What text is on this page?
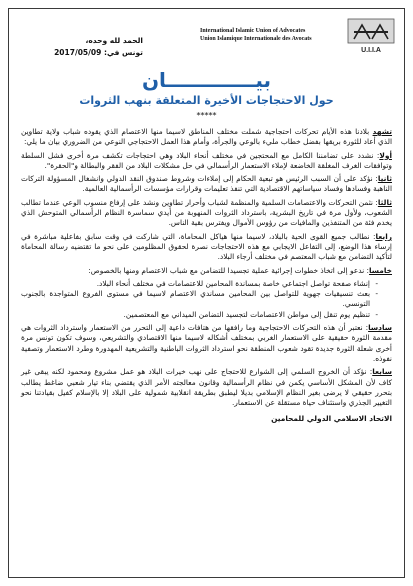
U.I.I.A
International Islamic Union of Advocates
Union Islamique Internationale des Avocats
الحمد لله وحده،
تونس في: 2017/05/09
بيـــــــــــــان
حول الاحتجاجات الأخيرة المتعلقة بنهب الثروات
*****

تشهد بلادنا هذه الأيام تحركات احتجاجية شملت مختلف المناطق لاسيما منها الاعتصام الذي يقوده شباب ولاية تطاوين الذي أعاد للثورة بريقها بفضل خطاب مليء بالوعي والجرأة، وأمام هذا العمل الاحتجاجي النوعي من الضروري بيان ما يلي:

أولا: نشدد على تضامننا الكامل مع المحتجين في مختلف أنحاء البلاد وهي احتجاجات تكشف مرة أخرى فشل السلطة وتوافقات الغرف المغلقة الخاضعة لإملاء الاستعمار الرأسمالي في حل مشكلات البلاد من الفقر والبطالة و"الحقرة".

ثانيا: نؤكد على أن السبب الرئيس هو تبعية الحكام إلى إملاءات وشروط صندوق النقد الدولي وانشغال المسؤولة التركات الناهبة وفسادها وفساد سياساتهم الاقتصادية التي تنفذ تعليمات وقرارات مؤسسات الرأسمالية العالمية.

ثالثا: نثمن التحركات والاعتصامات السلمية والمنظمة لشباب وأحرار تطاوين ونشد على إرفاع منسوب الوعي عندما تطالب الشعوب، ولأول مرة في تاريخ البشرية، باسترداد الثروات المنهوبة من أيدي سماسرة النظام الرأسمالي المتوحش الذي يخدم فئة من المتنفذين والمافيات من رؤوس الأموال ويفترس بقية الناس.

رابعا: نطالب جميع القوى الحية بالبلاد، لاسيما منها هياكل المحاماة، التي شاركت في وقت سابق بفاعلية مباشرة في إرساء هذا الوضع، إلى التفاعل الايجابي مع هذه الاحتجاجات نصرة لحقوق المظلومين على نحو ما تقتضيه رسالة المحاماة لتأكيد التضامن مع شباب المعتصم في مختلف أرجاء البلاد.

خامسا: ندعو إلى اتخاذ خطوات إجرائية عملية تجسيدا للتضامن مع شباب الاعتصام ومنها بالخصوص:

- إنشاء صفحة تواصل اجتماعي خاصة بمساندة المحامين للاعتصامات في مختلف أنحاء البلاد.
- بعث تنسيقيات جهوية للتواصل بين المحامين مساندي الاعتصام لاسيما في مستوى الفروع المتواجدة بالجنوب التونسي.
- تنظيم يوم تنقل إلى مواطن الاعتصامات لتجسيد التضامن الميداني مع المعتصمين.

سادسا: نعتبر أن هذه التحركات الاحتجاجية وما رافقها من هتافات داعية إلى التحرر من الاستعمار واسترداد الثروات هي مقدمة الثورة حقيقية على الاستعمار الغربي بمختلف أشكاله لاسيما منها الاقتصادي والتشريعي، وسوف تكون تونس مرة أخرى شعلة الثورة جديدة تقود شعوب المنطقة نحو استرداد الثروات الباطنية والتشريعية المهدورة وطرد الاستعمار وتصفية نفوذه.

سابعا: نؤكد أن الخروج السلمي إلى الشوارع للاحتجاج على نهب خيرات البلاد هو عمل مشروع ومحمود لكنه يبقى غير كاف لأن المشكل الأساسي يكمن في نظام الرأسمالية وقانون معالجته الأمر الذي يقتضي بناء تيار شعبي ضاغط يطالب بتحرر حقيقي لا يرضى بغير النظام الإسلامي بديلا ليطبق بطريقة انقلابية شمولية على البلاد إلا بالإسلام كفيل بقيادتنا نحو التغيير الجذري واستئناف حياة مستقلة عن الاستعمار.

الاتحاد الاسلامي الدولي للمحامين
